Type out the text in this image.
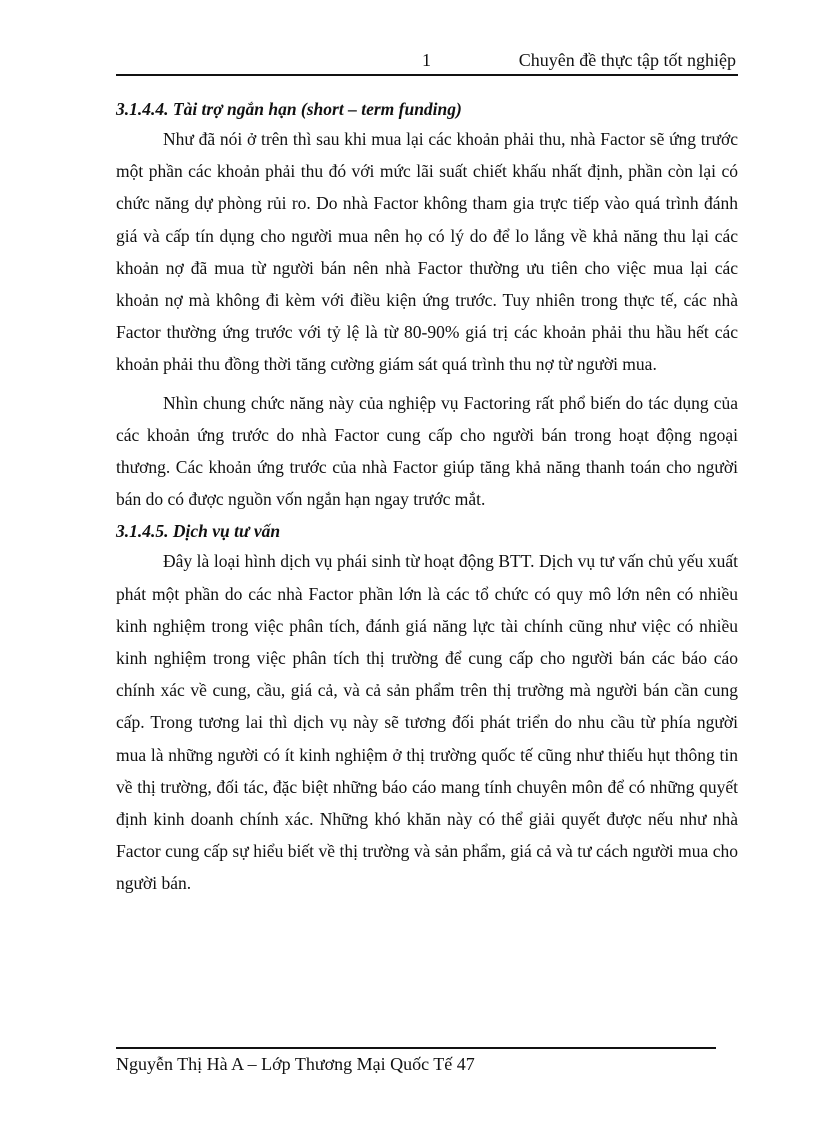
1	Chuyên đề thực tập tốt nghiệp
3.1.4.4. Tài trợ ngắn hạn (short – term funding)

Như đã nói ở trên thì sau khi mua lại các khoản phải thu, nhà Factor sẽ ứng trước một phần các khoản phải thu đó với mức lãi suất chiết khấu nhất định, phần còn lại có chức năng dự phòng rủi ro. Do nhà Factor không tham gia trực tiếp vào quá trình đánh giá và cấp tín dụng cho người mua nên họ có lý do để lo lắng về khả năng thu lại các khoản nợ đã mua từ người bán nên nhà Factor thường ưu tiên cho việc mua lại các khoản nợ mà không đi kèm với điều kiện ứng trước. Tuy nhiên trong thực tế, các nhà Factor thường ứng trước với tỷ lệ là từ 80-90% giá trị các khoản phải thu hầu hết các khoản phải thu đồng thời tăng cường giám sát quá trình thu nợ từ người mua.

Nhìn chung chức năng này của nghiệp vụ Factoring rất phổ biến do tác dụng của các khoản ứng trước do nhà Factor cung cấp cho người bán trong hoạt động ngoại thương. Các khoản ứng trước của nhà Factor giúp tăng khả năng thanh toán cho người bán do có được nguồn vốn ngắn hạn ngay trước mắt.

3.1.4.5. Dịch vụ tư vấn

Đây là loại hình dịch vụ phái sinh từ hoạt động BTT. Dịch vụ tư vấn chủ yếu xuất phát một phần do các nhà Factor phần lớn là các tổ chức có quy mô lớn nên có nhiều kinh nghiệm trong việc phân tích, đánh giá năng lực tài chính cũng như việc có nhiều kinh nghiệm trong việc phân tích thị trường để cung cấp cho người bán các báo cáo chính xác về cung, cầu, giá cả, và cả sản phẩm trên thị trường mà người bán cần cung cấp. Trong tương lai thì dịch vụ này sẽ tương đối phát triển do nhu cầu từ phía người mua là những người có ít kinh nghiệm ở thị trường quốc tế cũng như thiếu hụt thông tin về thị trường, đối tác, đặc biệt những báo cáo mang tính chuyên môn để có những quyết định kinh doanh chính xác. Những khó khăn này có thể giải quyết được nếu như nhà Factor cung cấp sự hiểu biết về thị trường và sản phẩm, giá cả và tư cách người mua cho người bán.

Nguyễn Thị Hà A – Lớp Thương Mại Quốc Tế 47
